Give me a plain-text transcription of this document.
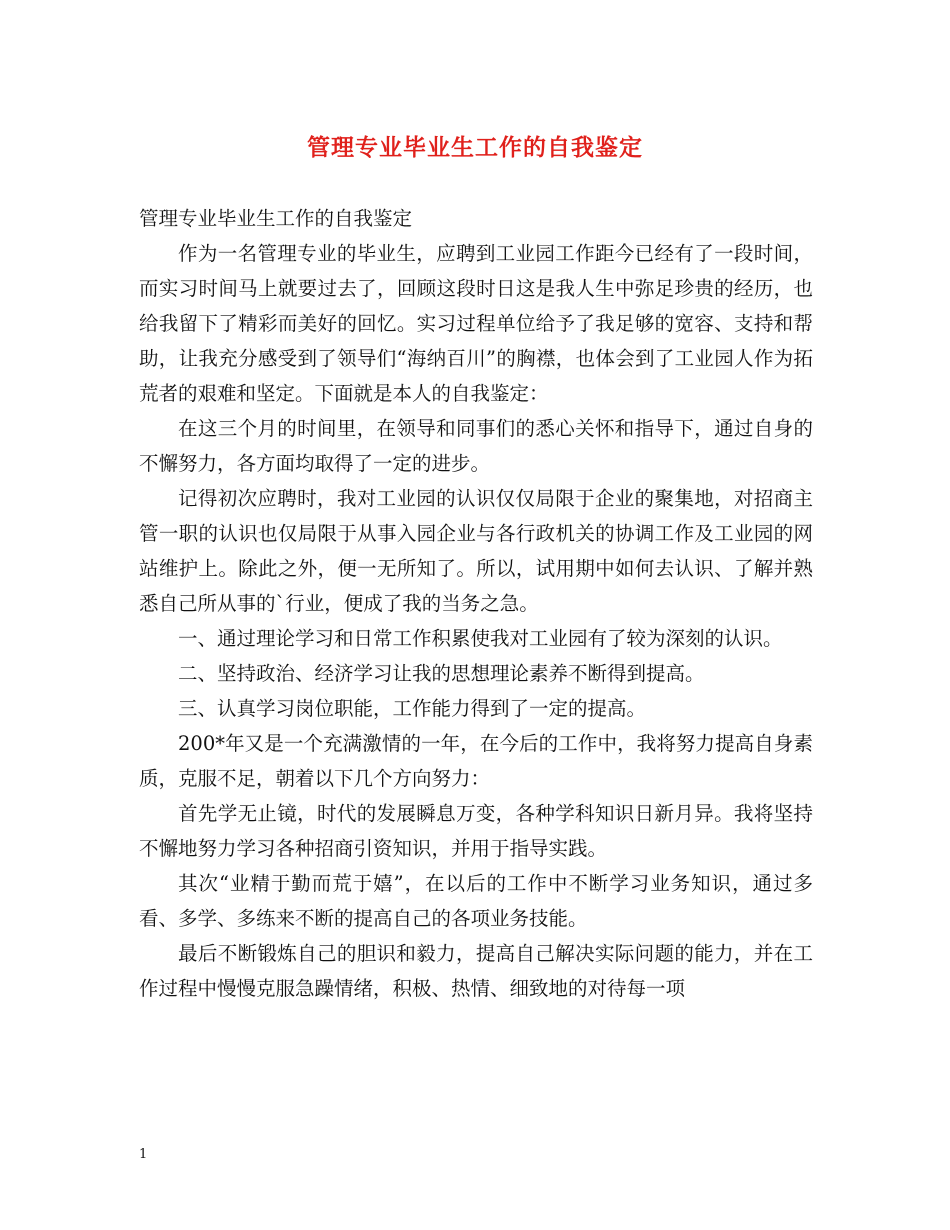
管理专业毕业生工作的自我鉴定

管理专业毕业生工作的自我鉴定

作为一名管理专业的毕业生，应聘到工业园工作距今已经有了一段时间，而实习时间马上就要过去了，回顾这段时日这是我人生中弥足珍贵的经历，也给我留下了精彩而美好的回忆。实习过程单位给予了我足够的宽容、支持和帮助，让我充分感受到了领导们“海纳百川”的胸襟，也体会到了工业园人作为拓荒者的艰难和坚定。下面就是本人的自我鉴定：

在这三个月的时间里，在领导和同事们的悉心关怀和指导下，通过自身的不懈努力，各方面均取得了一定的进步。

记得初次应聘时，我对工业园的认识仅仅局限于企业的聚集地，对招商主管一职的认识也仅局限于从事入园企业与各行政机关的协调工作及工业园的网站维护上。除此之外，便一无所知了。所以，试用期中如何去认识、了解并熟悉自己所从事的`行业，便成了我的当务之急。

一、通过理论学习和日常工作积累使我对工业园有了较为深刻的认识。

二、坚持政治、经济学习让我的思想理论素养不断得到提高。

三、认真学习岗位职能，工作能力得到了一定的提高。

200*年又是一个充满激情的一年，在今后的工作中，我将努力提高自身素质，克服不足，朝着以下几个方向努力：

首先学无止镜，时代的发展瞬息万变，各种学科知识日新月异。我将坚持不懈地努力学习各种招商引资知识，并用于指导实践。

其次“业精于勤而荒于嬉”，在以后的工作中不断学习业务知识，通过多看、多学、多练来不断的提高自己的各项业务技能。

最后不断锻炼自己的胆识和毅力，提高自己解决实际问题的能力，并在工作过程中慢慢克服急躁情绪，积极、热情、细致地的对待每一项

1
